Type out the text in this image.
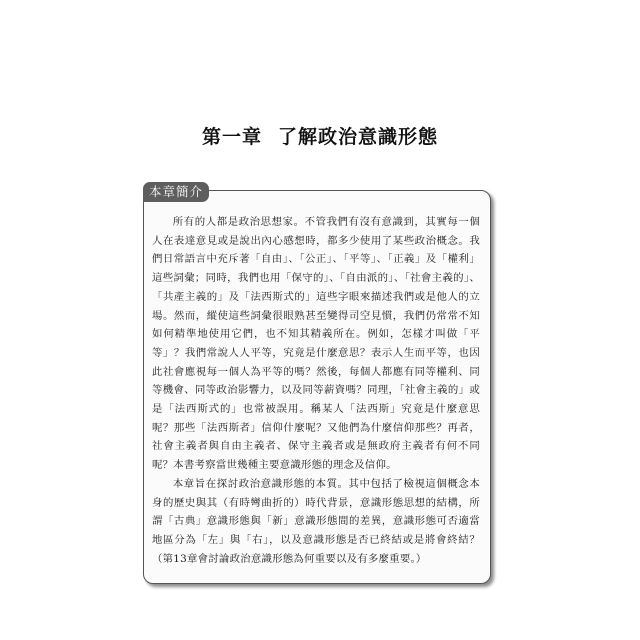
第一章 了解政治意識形態
本章簡介

所有的人都是政治思想家。不管我們有沒有意識到，其實每一個人在表達意見或是說出內心感想時，都多少使用了某些政治概念。我們日常語言中充斥著「自由」、「公正」、「平等」、「正義」及「權利」這些詞彙；同時，我們也用「保守的」、「自由派的」、「社會主義的」、「共產主義的」及「法西斯式的」這些字眼來描述我們或是他人的立場。然而，縱使這些詞彙很眼熟甚至變得司空見慣，我們仍常常不知如何精準地使用它們，也不知其精義所在。例如，怎樣才叫做「平等」？我們常說人人平等，究竟是什麼意思？表示人生而平等，也因此社會應視每一個人為平等的嗎？然後，每個人都應有同等權利、同等機會、同等政治影響力，以及同等薪資嗎？同理，「社會主義的」或是「法西斯式的」也常被誤用。稱某人「法西斯」究竟是什麼意思呢？那些「法西斯者」信仰什麼呢？又他們為什麼信仰那些？再者，社會主義者與自由主義者、保守主義者或是無政府主義者有何不同呢？本書考察當世幾種主要意識形態的理念及信仰。

本章旨在探討政治意識形態的本質。其中包括了檢視這個概念本身的歷史與其（有時彎曲折的）時代背景，意識形態思想的結構，所謂「古典」意識形態與「新」意識形態間的差異，意識形態可否適當地區分為「左」與「右」，以及意識形態是否已終結或是將會終結？（第13章會討論政治意識形態為何重要以及有多麼重要。）
